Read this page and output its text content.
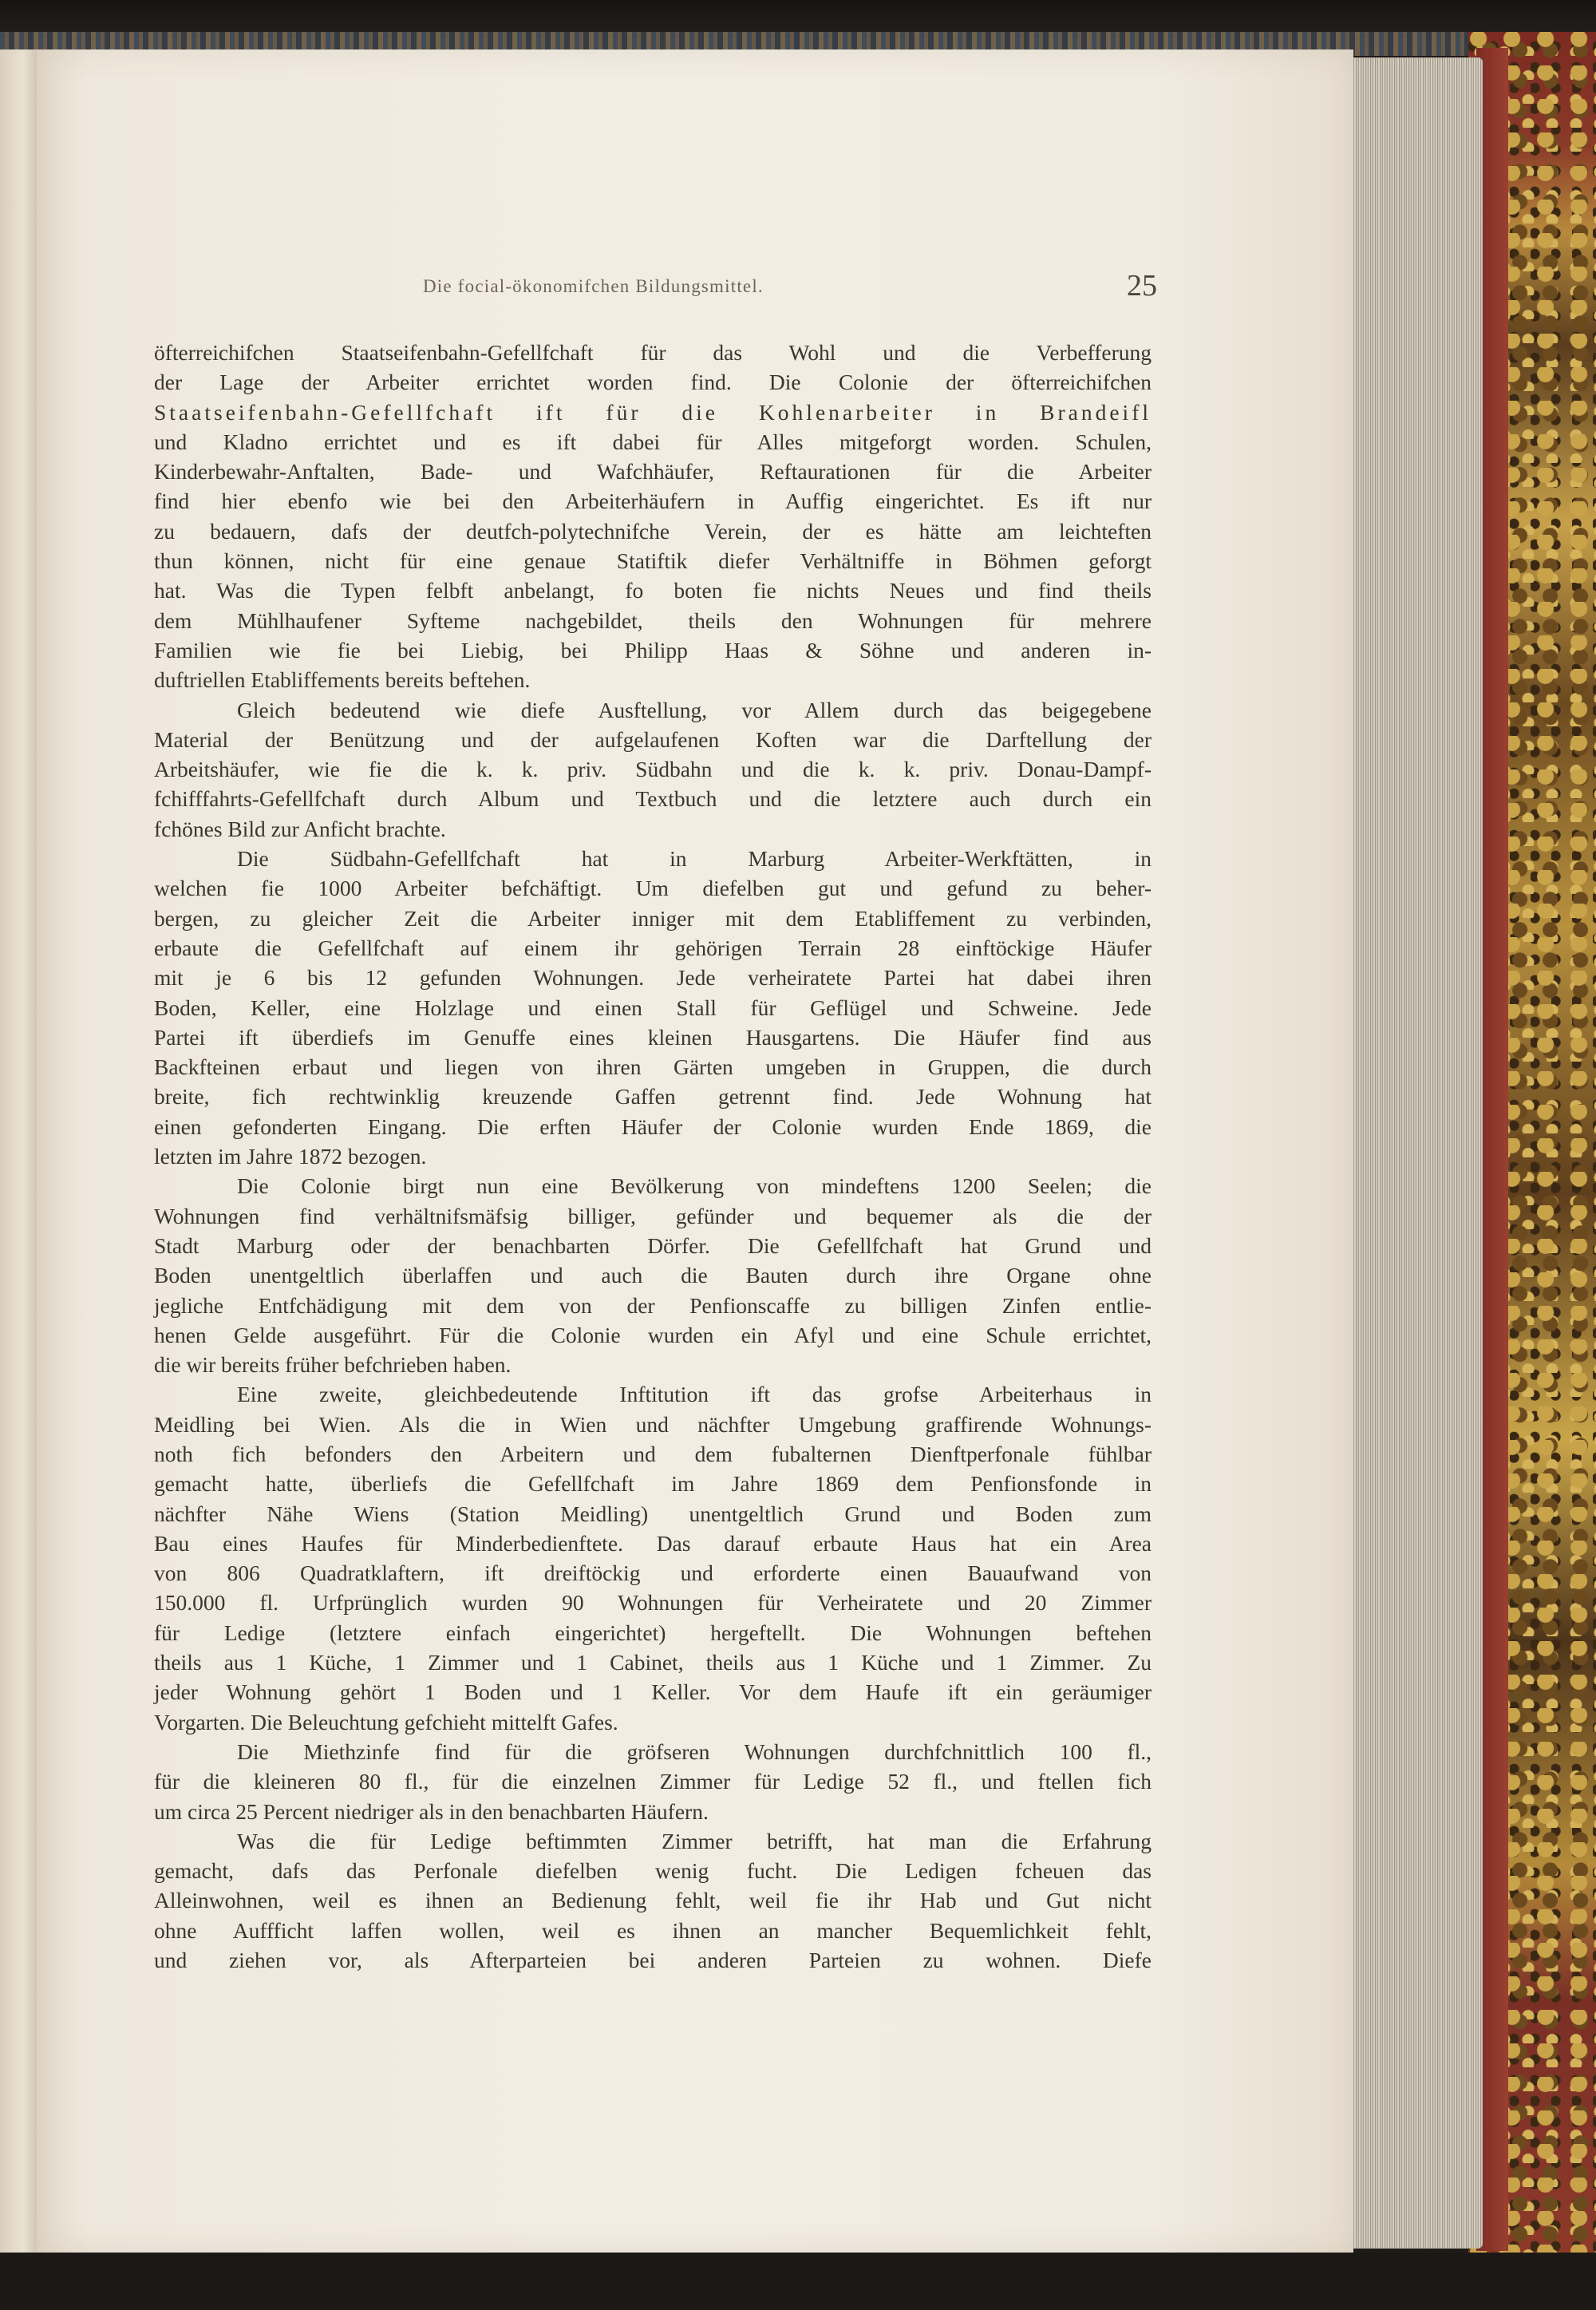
Die focial-ökonomifchen Bildungsmittel.	25
öfterreichifchen Staatseifenbahn-Gefellfchaft für das Wohl und die Verbefferung
der Lage der Arbeiter errichtet worden find. Die Colonie der öfterreichifchen
Staatseifenbahn-Gefellfchaft ift für die Kohlenarbeiter in Brandeifl
und Kladno errichtet und es ift dabei für Alles mitgeforgt worden. Schulen,
Kinderbewahr-Anftalten, Bade- und Wafchhäufer, Reftaurationen für die Arbeiter
find hier ebenfo wie bei den Arbeiterhäufern in Auffig eingerichtet. Es ift nur
zu bedauern, dafs der deutfch-polytechnifche Verein, der es hätte am leichteften
thun können, nicht für eine genaue Statiftik diefer Verhältniffe in Böhmen geforgt
hat. Was die Typen felbft anbelangt, fo boten fie nichts Neues und find theils
dem Mühlhaufener Syfteme nachgebildet, theils den Wohnungen für mehrere
Familien wie fie bei Liebig, bei Philipp Haas & Söhne und anderen in-
duftriellen Etabliffements bereits beftehen.
Gleich bedeutend wie diefe Ausftellung, vor Allem durch das beigegebene
Material der Benützung und der aufgelaufenen Koften war die Darftellung der
Arbeitshäufer, wie fie die k. k. priv. Südbahn und die k. k. priv. Donau-Dampf-
fchifffahrts-Gefellfchaft durch Album und Textbuch und die letztere auch durch ein
fchönes Bild zur Anficht brachte.
Die Südbahn-Gefellfchaft hat in Marburg Arbeiter-Werkftätten, in
welchen fie 1000 Arbeiter befchäftigt. Um diefelben gut und gefund zu beher-
bergen, zu gleicher Zeit die Arbeiter inniger mit dem Etabliffement zu verbinden,
erbaute die Gefellfchaft auf einem ihr gehörigen Terrain 28 einftöckige Häufer
mit je 6 bis 12 gefunden Wohnungen. Jede verheiratete Partei hat dabei ihren
Boden, Keller, eine Holzlage und einen Stall für Geflügel und Schweine. Jede
Partei ift überdiefs im Genuffe eines kleinen Hausgartens. Die Häufer find aus
Backfteinen erbaut und liegen von ihren Gärten umgeben in Gruppen, die durch
breite, fich rechtwinklig kreuzende Gaffen getrennt find. Jede Wohnung hat
einen gefonderten Eingang. Die erften Häufer der Colonie wurden Ende 1869, die
letzten im Jahre 1872 bezogen.
Die Colonie birgt nun eine Bevölkerung von mindeftens 1200 Seelen; die
Wohnungen find verhältnifsmäfsig billiger, gefünder und bequemer als die der
Stadt Marburg oder der benachbarten Dörfer. Die Gefellfchaft hat Grund und
Boden unentgeltlich überlaffen und auch die Bauten durch ihre Organe ohne
jegliche Entfchädigung mit dem von der Penfionscaffe zu billigen Zinfen entlie-
henen Gelde ausgeführt. Für die Colonie wurden ein Afyl und eine Schule errichtet,
die wir bereits früher befchrieben haben.
Eine zweite, gleichbedeutende Inftitution ift das grofse Arbeiterhaus in
Meidling bei Wien. Als die in Wien und nächfter Umgebung graffirende Wohnungs-
noth fich befonders den Arbeitern und dem fubalternen Dienftperfonale fühlbar
gemacht hatte, überliefs die Gefellfchaft im Jahre 1869 dem Penfionsfonde in
nächfter Nähe Wiens (Station Meidling) unentgeltlich Grund und Boden zum
Bau eines Haufes für Minderbedienftete. Das darauf erbaute Haus hat ein Area
von 806 Quadratklaftern, ift dreiftöckig und erforderte einen Bauaufwand von
150.000 fl. Urfprünglich wurden 90 Wohnungen für Verheiratete und 20 Zimmer
für Ledige (letztere einfach eingerichtet) hergeftellt. Die Wohnungen beftehen
theils aus 1 Küche, 1 Zimmer und 1 Cabinet, theils aus 1 Küche und 1 Zimmer. Zu
jeder Wohnung gehört 1 Boden und 1 Keller. Vor dem Haufe ift ein geräumiger
Vorgarten. Die Beleuchtung gefchieht mittelft Gafes.
Die Miethzinfe find für die gröfseren Wohnungen durchfchnittlich 100 fl.,
für die kleineren 80 fl., für die einzelnen Zimmer für Ledige 52 fl., und ftellen fich
um circa 25 Percent niedriger als in den benachbarten Häufern.
Was die für Ledige beftimmten Zimmer betrifft, hat man die Erfahrung
gemacht, dafs das Perfonale diefelben wenig fucht. Die Ledigen fcheuen das
Alleinwohnen, weil es ihnen an Bedienung fehlt, weil fie ihr Hab und Gut nicht
ohne Auffficht laffen wollen, weil es ihnen an mancher Bequemlichkeit fehlt,
und ziehen vor, als Afterparteien bei anderen Parteien zu wohnen. Diefe
